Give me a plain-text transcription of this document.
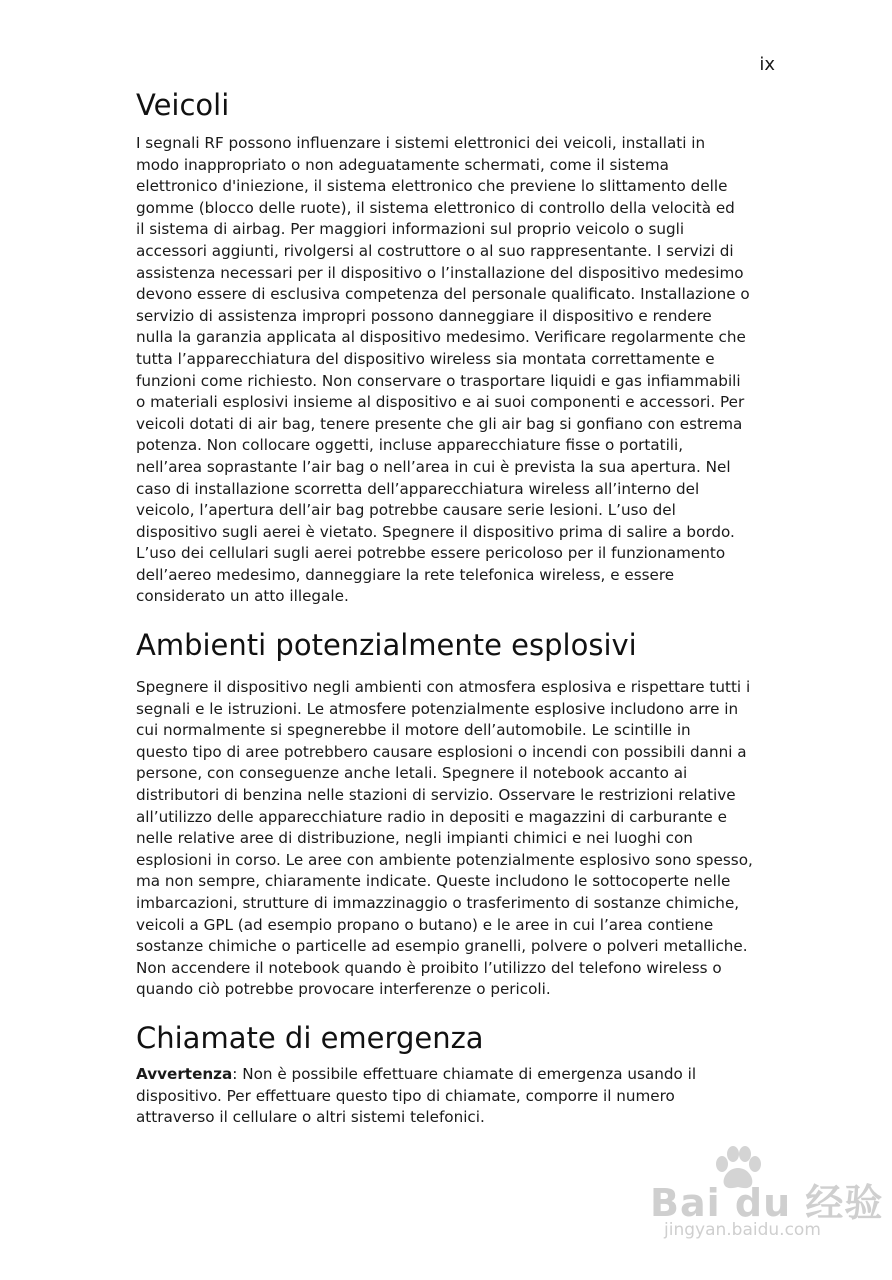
ix
Veicoli

I segnali RF possono influenzare i sistemi elettronici dei veicoli, installati in
modo inappropriato o non adeguatamente schermati, come il sistema
elettronico d'iniezione, il sistema elettronico che previene lo slittamento delle
gomme (blocco delle ruote), il sistema elettronico di controllo della velocità ed
il sistema di airbag. Per maggiori informazioni sul proprio veicolo o sugli
accessori aggiunti, rivolgersi al costruttore o al suo rappresentante. I servizi di
assistenza necessari per il dispositivo o l’installazione del dispositivo medesimo
devono essere di esclusiva competenza del personale qualificato. Installazione o
servizio di assistenza impropri possono danneggiare il dispositivo e rendere
nulla la garanzia applicata al dispositivo medesimo. Verificare regolarmente che
tutta l’apparecchiatura del dispositivo wireless sia montata correttamente e
funzioni come richiesto. Non conservare o trasportare liquidi e gas infiammabili
o materiali esplosivi insieme al dispositivo e ai suoi componenti e accessori. Per
veicoli dotati di air bag, tenere presente che gli air bag si gonfiano con estrema
potenza. Non collocare oggetti, incluse apparecchiature fisse o portatili,
nell’area soprastante l’air bag o nell’area in cui è prevista la sua apertura. Nel
caso di installazione scorretta dell’apparecchiatura wireless all’interno del
veicolo, l’apertura dell’air bag potrebbe causare serie lesioni. L’uso del
dispositivo sugli aerei è vietato. Spegnere il dispositivo prima di salire a bordo.
L’uso dei cellulari sugli aerei potrebbe essere pericoloso per il funzionamento
dell’aereo medesimo, danneggiare la rete telefonica wireless, e essere
considerato un atto illegale.

Ambienti potenzialmente esplosivi

Spegnere il dispositivo negli ambienti con atmosfera esplosiva e rispettare tutti i
segnali e le istruzioni. Le atmosfere potenzialmente esplosive includono arre in
cui normalmente si spegnerebbe il motore dell’automobile. Le scintille in
questo tipo di aree potrebbero causare esplosioni o incendi con possibili danni a
persone, con conseguenze anche letali. Spegnere il notebook accanto ai
distributori di benzina nelle stazioni di servizio. Osservare le restrizioni relative
all’utilizzo delle apparecchiature radio in depositi e magazzini di carburante e
nelle relative aree di distribuzione, negli impianti chimici e nei luoghi con
esplosioni in corso. Le aree con ambiente potenzialmente esplosivo sono spesso,
ma non sempre, chiaramente indicate. Queste includono le sottocoperte nelle
imbarcazioni, strutture di immazzinaggio o trasferimento di sostanze chimiche,
veicoli a GPL (ad esempio propano o butano) e le aree in cui l’area contiene
sostanze chimiche o particelle ad esempio granelli, polvere o polveri metalliche.
Non accendere il notebook quando è proibito l’utilizzo del telefono wireless o
quando ciò potrebbe provocare interferenze o pericoli.

Chiamate di emergenza

Avvertenza: Non è possibile effettuare chiamate di emergenza usando il
dispositivo. Per effettuare questo tipo di chiamate, comporre il numero
attraverso il cellulare o altri sistemi telefonici.

Bai du 经验
jingyan.baidu.com
